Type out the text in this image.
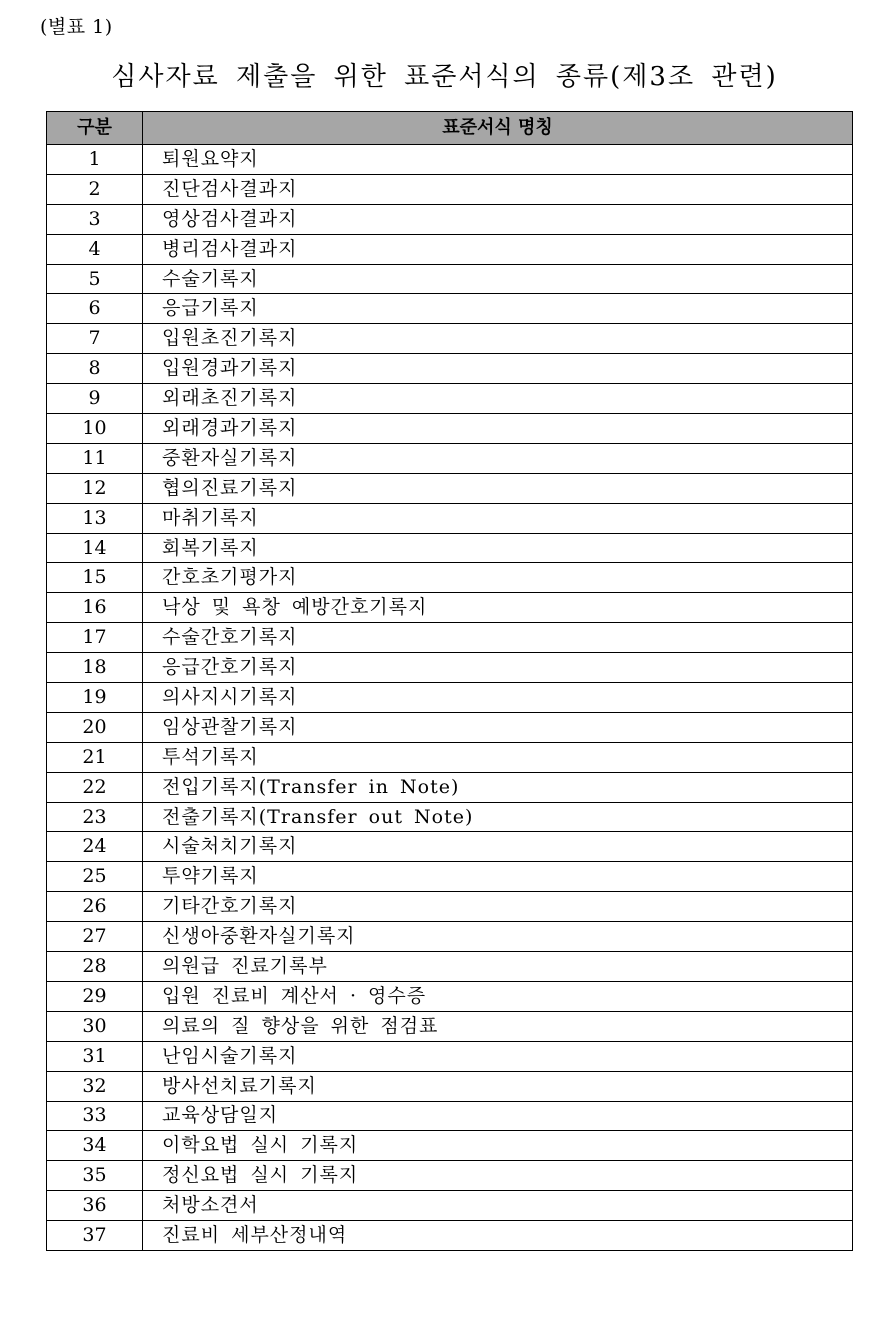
(별표 1)
심사자료 제출을 위한 표준서식의 종류(제3조 관련)
구분	표준서식 명칭
1	퇴원요약지
2	진단검사결과지
3	영상검사결과지
4	병리검사결과지
5	수술기록지
6	응급기록지
7	입원초진기록지
8	입원경과기록지
9	외래초진기록지
10	외래경과기록지
11	중환자실기록지
12	협의진료기록지
13	마취기록지
14	회복기록지
15	간호초기평가지
16	낙상 및 욕창 예방간호기록지
17	수술간호기록지
18	응급간호기록지
19	의사지시기록지
20	임상관찰기록지
21	투석기록지
22	전입기록지(Transfer in Note)
23	전출기록지(Transfer out Note)
24	시술처치기록지
25	투약기록지
26	기타간호기록지
27	신생아중환자실기록지
28	의원급 진료기록부
29	입원 진료비 계산서 · 영수증
30	의료의 질 향상을 위한 점검표
31	난임시술기록지
32	방사선치료기록지
33	교육상담일지
34	이학요법 실시 기록지
35	정신요법 실시 기록지
36	처방소견서
37	진료비 세부산정내역
